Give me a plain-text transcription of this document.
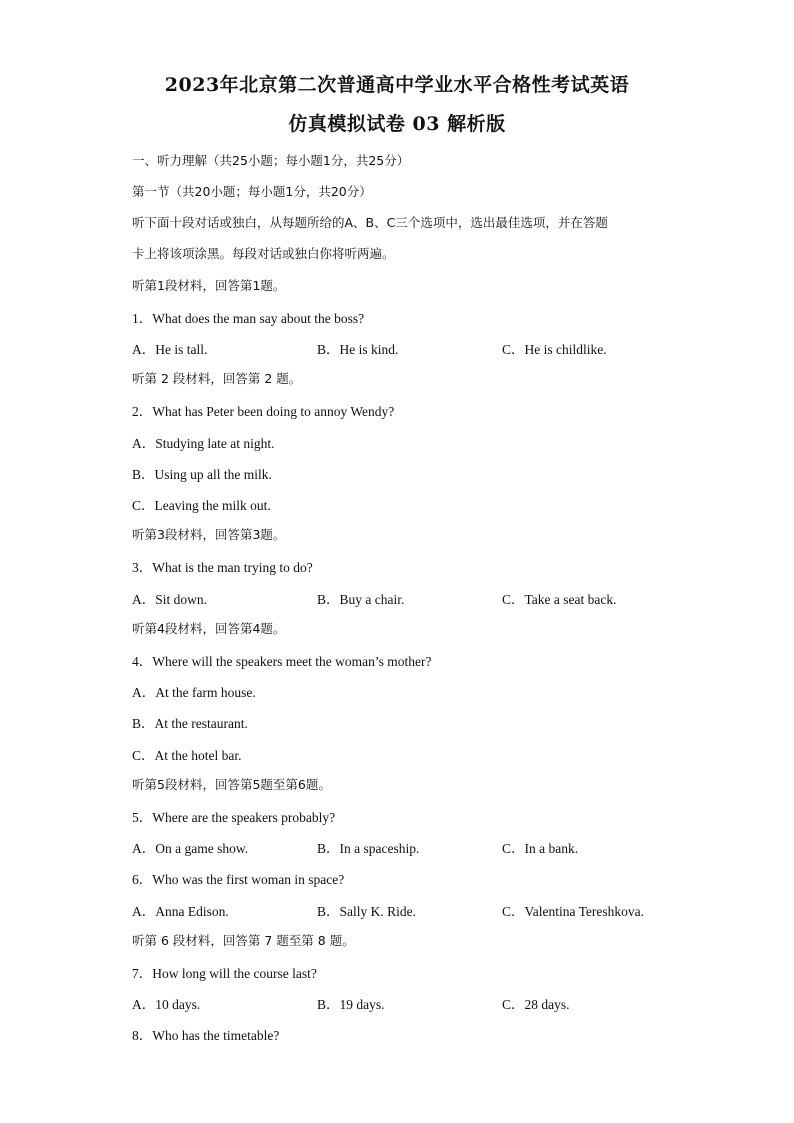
2023年北京第二次普通高中学业水平合格性考试英语
仿真模拟试卷 03 解析版
一、听力理解（共25小题；每小题1分，共25分）
第一节（共20小题；每小题1分，共20分）
听下面十段对话或独白，从每题所给的A、B、C三个选项中，选出最佳选项，并在答题
卡上将该项涂黑。每段对话或独白你将听两遍。
听第1段材料，回答第1题。
1．What does the man say about the boss?
A．He is tall.	B．He is kind.	C．He is childlike.
听第 2 段材料，回答第 2 题。
2．What has Peter been doing to annoy Wendy?
A．Studying late at night.
B．Using up all the milk.
C．Leaving the milk out.
听第3段材料，回答第3题。
3．What is the man trying to do?
A．Sit down.	B．Buy a chair.	C．Take a seat back.
听第4段材料，回答第4题。
4．Where will the speakers meet the woman’s mother?
A．At the farm house.
B．At the restaurant.
C．At the hotel bar.
听第5段材料，回答第5题至第6题。
5．Where are the speakers probably?
A．On a game show.	B．In a spaceship.	C．In a bank.
6．Who was the first woman in space?
A．Anna Edison.	B．Sally K. Ride.	C．Valentina Tereshkova.
听第 6 段材料，回答第 7 题至第 8 题。
7．How long will the course last?
A．10 days.	B．19 days.	C．28 days.
8．Who has the timetable?
